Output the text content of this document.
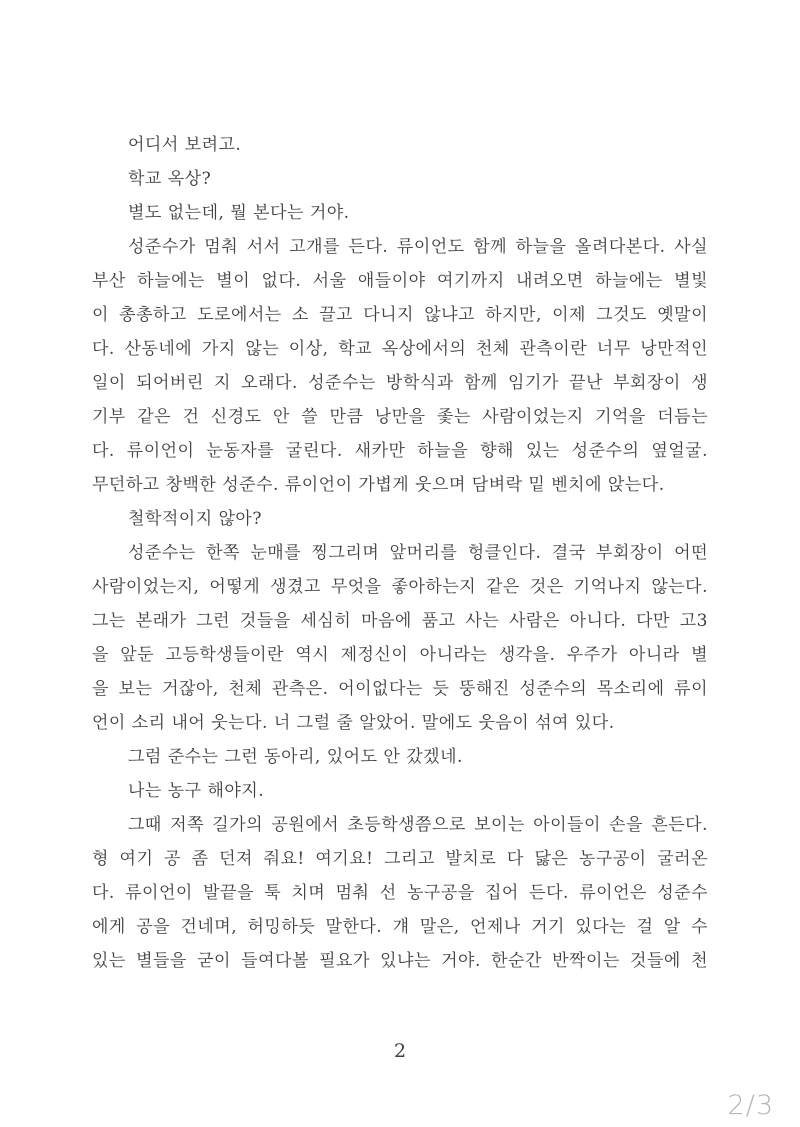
어디서 보려고.
학교 옥상?
별도 없는데, 뭘 본다는 거야.
성준수가 멈춰 서서 고개를 든다. 류이언도 함께 하늘을 올려다본다. 사실
부산 하늘에는 별이 없다. 서울 애들이야 여기까지 내려오면 하늘에는 별빛
이 총총하고 도로에서는 소 끌고 다니지 않냐고 하지만, 이제 그것도 옛말이
다. 산동네에 가지 않는 이상, 학교 옥상에서의 천체 관측이란 너무 낭만적인
일이 되어버린 지 오래다. 성준수는 방학식과 함께 임기가 끝난 부회장이 생
기부 같은 건 신경도 안 쓸 만큼 낭만을 좇는 사람이었는지 기억을 더듬는
다. 류이언이 눈동자를 굴린다. 새카만 하늘을 향해 있는 성준수의 옆얼굴.
무던하고 창백한 성준수. 류이언이 가볍게 웃으며 담벼락 밑 벤치에 앉는다.
철학적이지 않아?
성준수는 한쪽 눈매를 찡그리며 앞머리를 헝클인다. 결국 부회장이 어떤
사람이었는지, 어떻게 생겼고 무엇을 좋아하는지 같은 것은 기억나지 않는다.
그는 본래가 그런 것들을 세심히 마음에 품고 사는 사람은 아니다. 다만 고3
을 앞둔 고등학생들이란 역시 제정신이 아니라는 생각을. 우주가 아니라 별
을 보는 거잖아, 천체 관측은. 어이없다는 듯 뚱해진 성준수의 목소리에 류이
언이 소리 내어 웃는다. 너 그럴 줄 알았어. 말에도 웃음이 섞여 있다.
그럼 준수는 그런 동아리, 있어도 안 갔겠네.
나는 농구 해야지.
그때 저쪽 길가의 공원에서 초등학생쯤으로 보이는 아이들이 손을 흔든다.
형 여기 공 좀 던져 줘요! 여기요! 그리고 발치로 다 닳은 농구공이 굴러온
다. 류이언이 발끝을 툭 치며 멈춰 선 농구공을 집어 든다. 류이언은 성준수
에게 공을 건네며, 허밍하듯 말한다. 걔 말은, 언제나 거기 있다는 걸 알 수
있는 별들을 굳이 들여다볼 필요가 있냐는 거야. 한순간 반짝이는 것들에 천
2
2/3
